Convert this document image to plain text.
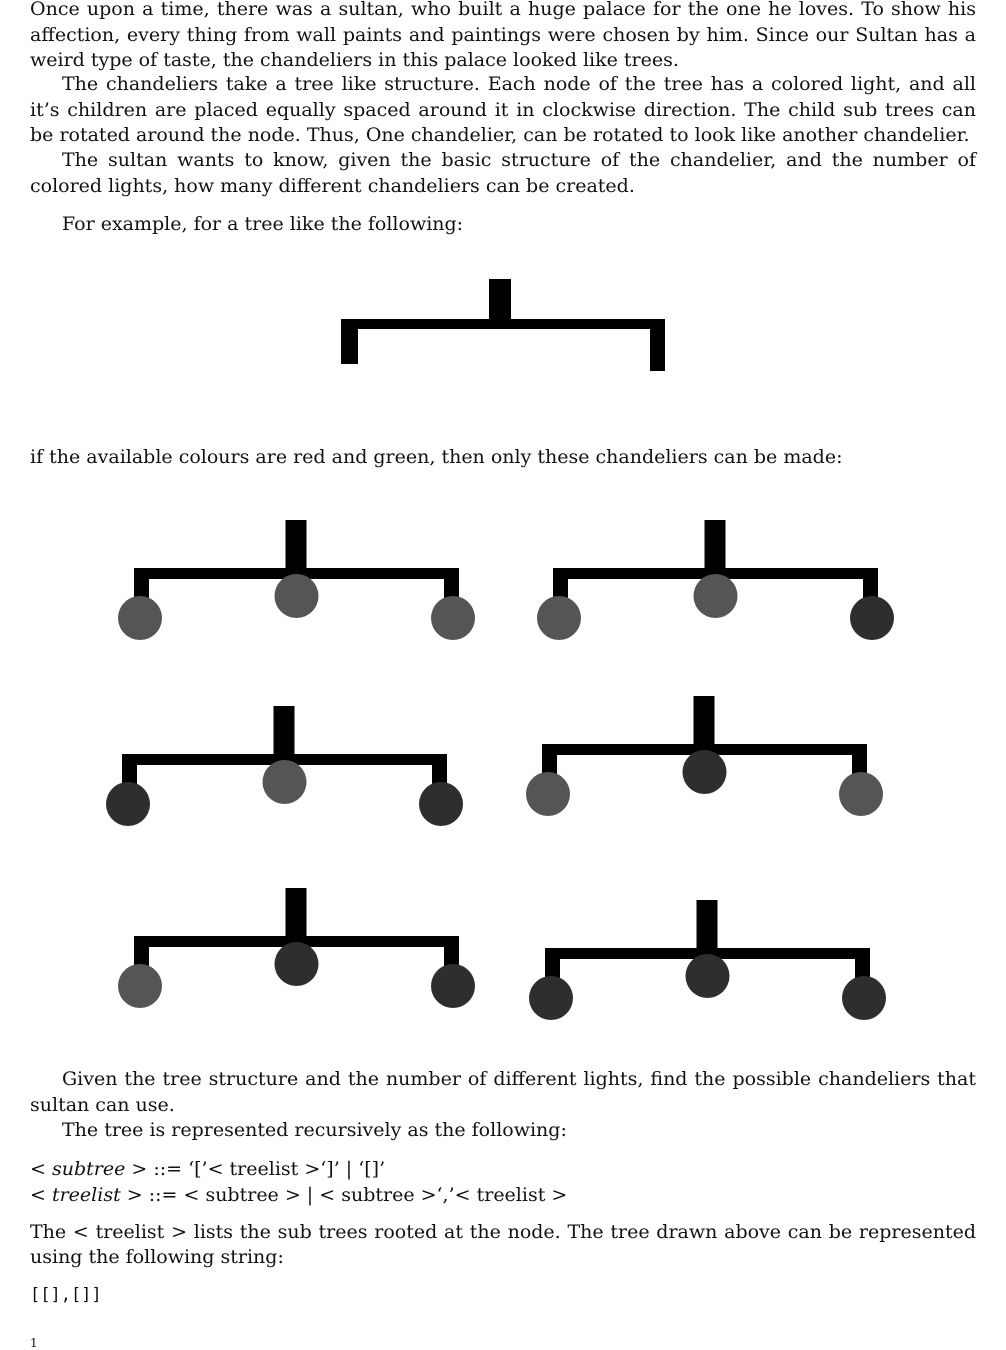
Once upon a time, there was a sultan, who built a huge palace for the one he loves. To show his affection, every thing from wall paints and paintings were chosen by him. Since our Sultan has a weird type of taste, the chandeliers in this palace looked like trees.

The chandeliers take a tree like structure. Each node of the tree has a colored light, and all it’s children are placed equally spaced around it in clockwise direction. The child sub trees can be rotated around the node. Thus, One chandelier, can be rotated to look like another chandelier.

The sultan wants to know, given the basic structure of the chandelier, and the number of colored lights, how many different chandeliers can be created.

For example, for a tree like the following:

if the available colours are red and green, then only these chandeliers can be made:

Given the tree structure and the number of different lights, find the possible chandeliers that sultan can use.

The tree is represented recursively as the following:

< subtree > ::= ‘[’< treelist >‘]’ | ‘[]’
< treelist > ::= < subtree > | < subtree >‘,’< treelist >

The < treelist > lists the sub trees rooted at the node. The tree drawn above can be represented using the following string:

[[],[]]
1
